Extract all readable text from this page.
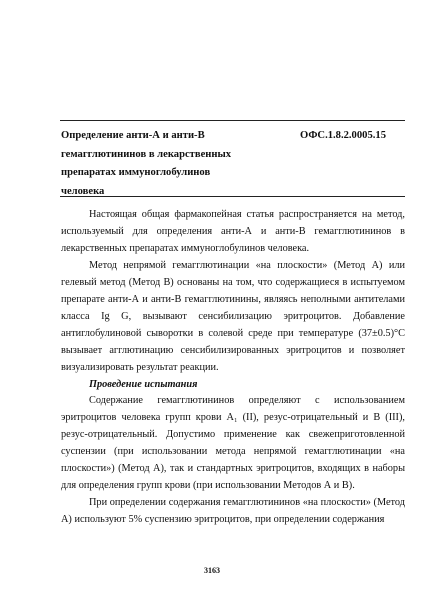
Определение анти-А и анти-В
гемагглютининов в лекарственных
препаратах иммуноглобулинов
человека
ОФС.1.8.2.0005.15

Настоящая общая фармакопейная статья распространяется на метод, используемый для определения анти-А и анти-В гемагглютининов в лекарственных препаратах иммуноглобулинов человека.

Метод непрямой гемагглютинации «на плоскости» (Метод А) или гелевый метод (Метод В) основаны на том, что содержащиеся в испытуемом препарате анти-А и анти-В гемагглютинины, являясь неполными антителами класса Ig G, вызывают сенсибилизацию эритроцитов. Добавление антиглобулиновой сыворотки в солевой среде при температуре (37±0.5)°С вызывает агглютинацию сенсибилизированных эритроцитов и позволяет визуализировать результат реакции.

Проведение испытания

Содержание гемагглютининов определяют с использованием эритроцитов человека групп крови А₁ (II), резус-отрицательный и В (III), резус-отрицательный. Допустимо применение как свежеприготовленной суспензии (при использовании метода непрямой гемагглютинации «на плоскости») (Метод А), так и стандартных эритроцитов, входящих в наборы для определения групп крови (при использовании Методов А и В).

При определении содержания гемагглютининов «на плоскости» (Метод А) используют 5% суспензию эритроцитов, при определении содержания

3163
